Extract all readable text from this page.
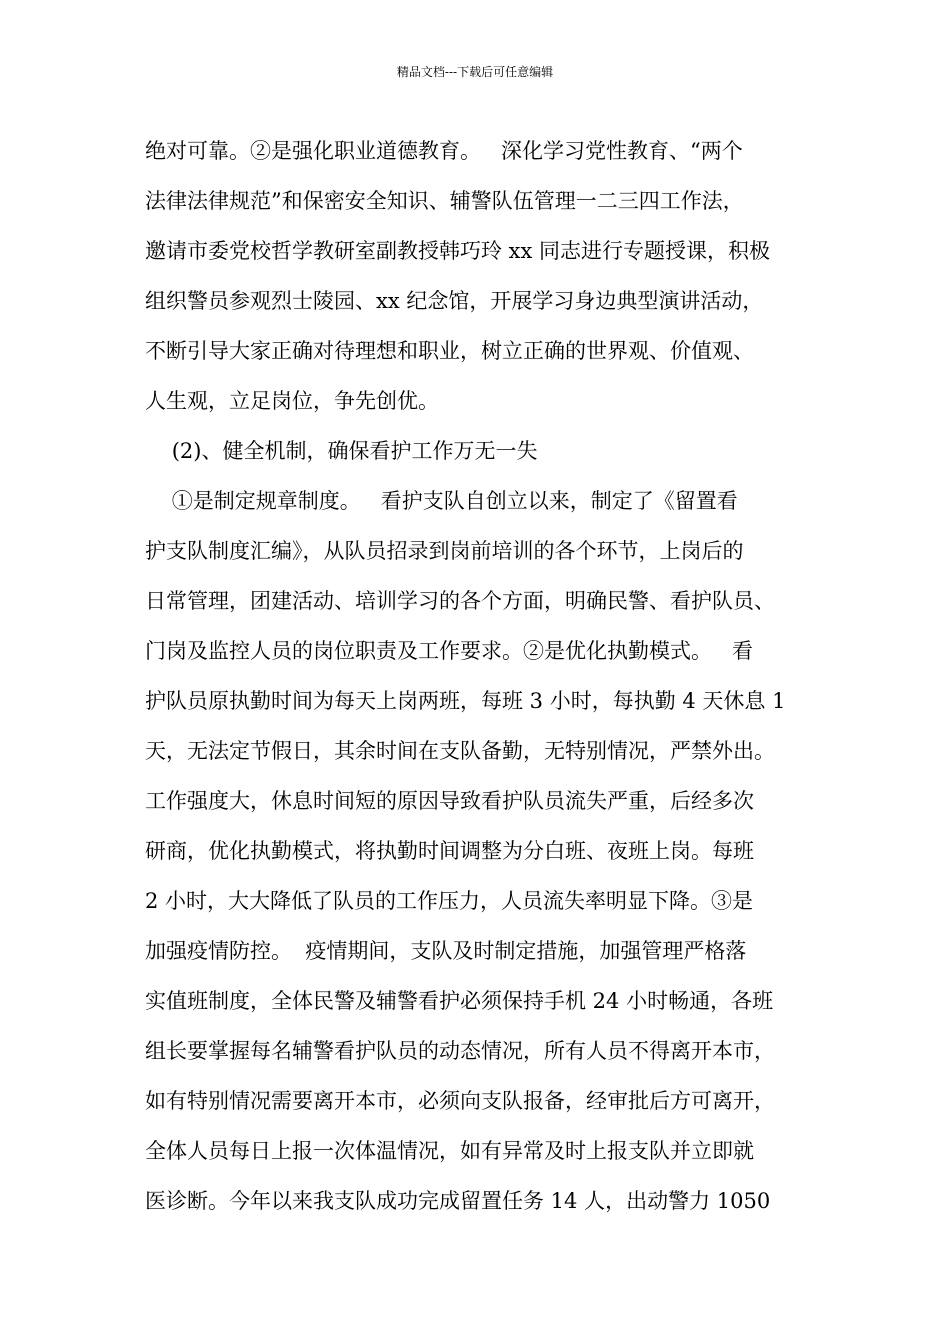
精品文档---下载后可任意编辑
绝对可靠。②是强化职业道德教育。   深化学习党性教育、“两个
法律法律规范”和保密安全知识、辅警队伍管理一二三四工作法，
邀请市委党校哲学教研室副教授韩巧玲 xx 同志进行专题授课，积极
组织警员参观烈士陵园、xx 纪念馆，开展学习身边典型演讲活动，
不断引导大家正确对待理想和职业，树立正确的世界观、价值观、
人生观，立足岗位，争先创优。
(2)、健全机制，确保看护工作万无一失
①是制定规章制度。   看护支队自创立以来，制定了《留置看
护支队制度汇编》，从队员招录到岗前培训的各个环节，上岗后的
日常管理，团建活动、培训学习的各个方面，明确民警、看护队员、
门岗及监控人员的岗位职责及工作要求。②是优化执勤模式。   看
护队员原执勤时间为每天上岗两班，每班 3 小时，每执勤 4 天休息 1
天，无法定节假日，其余时间在支队备勤，无特别情况，严禁外出。
工作强度大，休息时间短的原因导致看护队员流失严重，后经多次
研商，优化执勤模式，将执勤时间调整为分白班、夜班上岗。每班
2 小时，大大降低了队员的工作压力，人员流失率明显下降。③是
加强疫情防控。  疫情期间，支队及时制定措施，加强管理严格落
实值班制度，全体民警及辅警看护必须保持手机 24 小时畅通，各班
组长要掌握每名辅警看护队员的动态情况，所有人员不得离开本市，
如有特别情况需要离开本市，必须向支队报备，经审批后方可离开，
全体人员每日上报一次体温情况，如有异常及时上报支队并立即就
医诊断。今年以来我支队成功完成留置任务 14 人，出动警力 1050
